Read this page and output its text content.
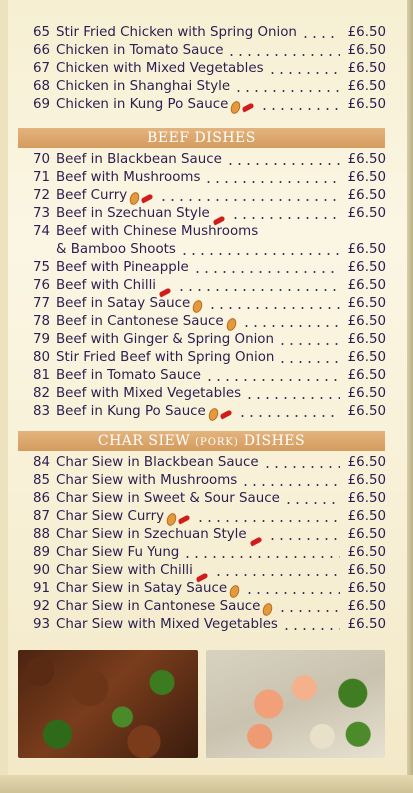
BEEF DISHES
CHAR SIEW (PORK) DISHES
65 Stir Fried Chicken with Spring Onion	£6.50
66 Chicken in Tomato Sauce	£6.50
67 Chicken with Mixed Vegetables	£6.50
68 Chicken in Shanghai Style	£6.50
69 Chicken in Kung Po Sauce	£6.50
70 Beef in Blackbean Sauce	£6.50
71 Beef with Mushrooms	£6.50
72 Beef Curry	£6.50
73 Beef in Szechuan Style	£6.50
74 Beef with Chinese Mushrooms
& Bamboo Shoots	£6.50
75 Beef with Pineapple	£6.50
76 Beef with Chilli	£6.50
77 Beef in Satay Sauce	£6.50
78 Beef in Cantonese Sauce	£6.50
79 Beef with Ginger & Spring Onion	£6.50
80 Stir Fried Beef with Spring Onion	£6.50
81 Beef in Tomato Sauce	£6.50
82 Beef with Mixed Vegetables	£6.50
83 Beef in Kung Po Sauce	£6.50
84 Char Siew in Blackbean Sauce	£6.50
85 Char Siew with Mushrooms	£6.50
86 Char Siew in Sweet & Sour Sauce	£6.50
87 Char Siew Curry	£6.50
88 Char Siew in Szechuan Style	£6.50
89 Char Siew Fu Yung	£6.50
90 Char Siew with Chilli	£6.50
91 Char Siew in Satay Sauce	£6.50
92 Char Siew in Cantonese Sauce	£6.50
93 Char Siew with Mixed Vegetables	£6.50
